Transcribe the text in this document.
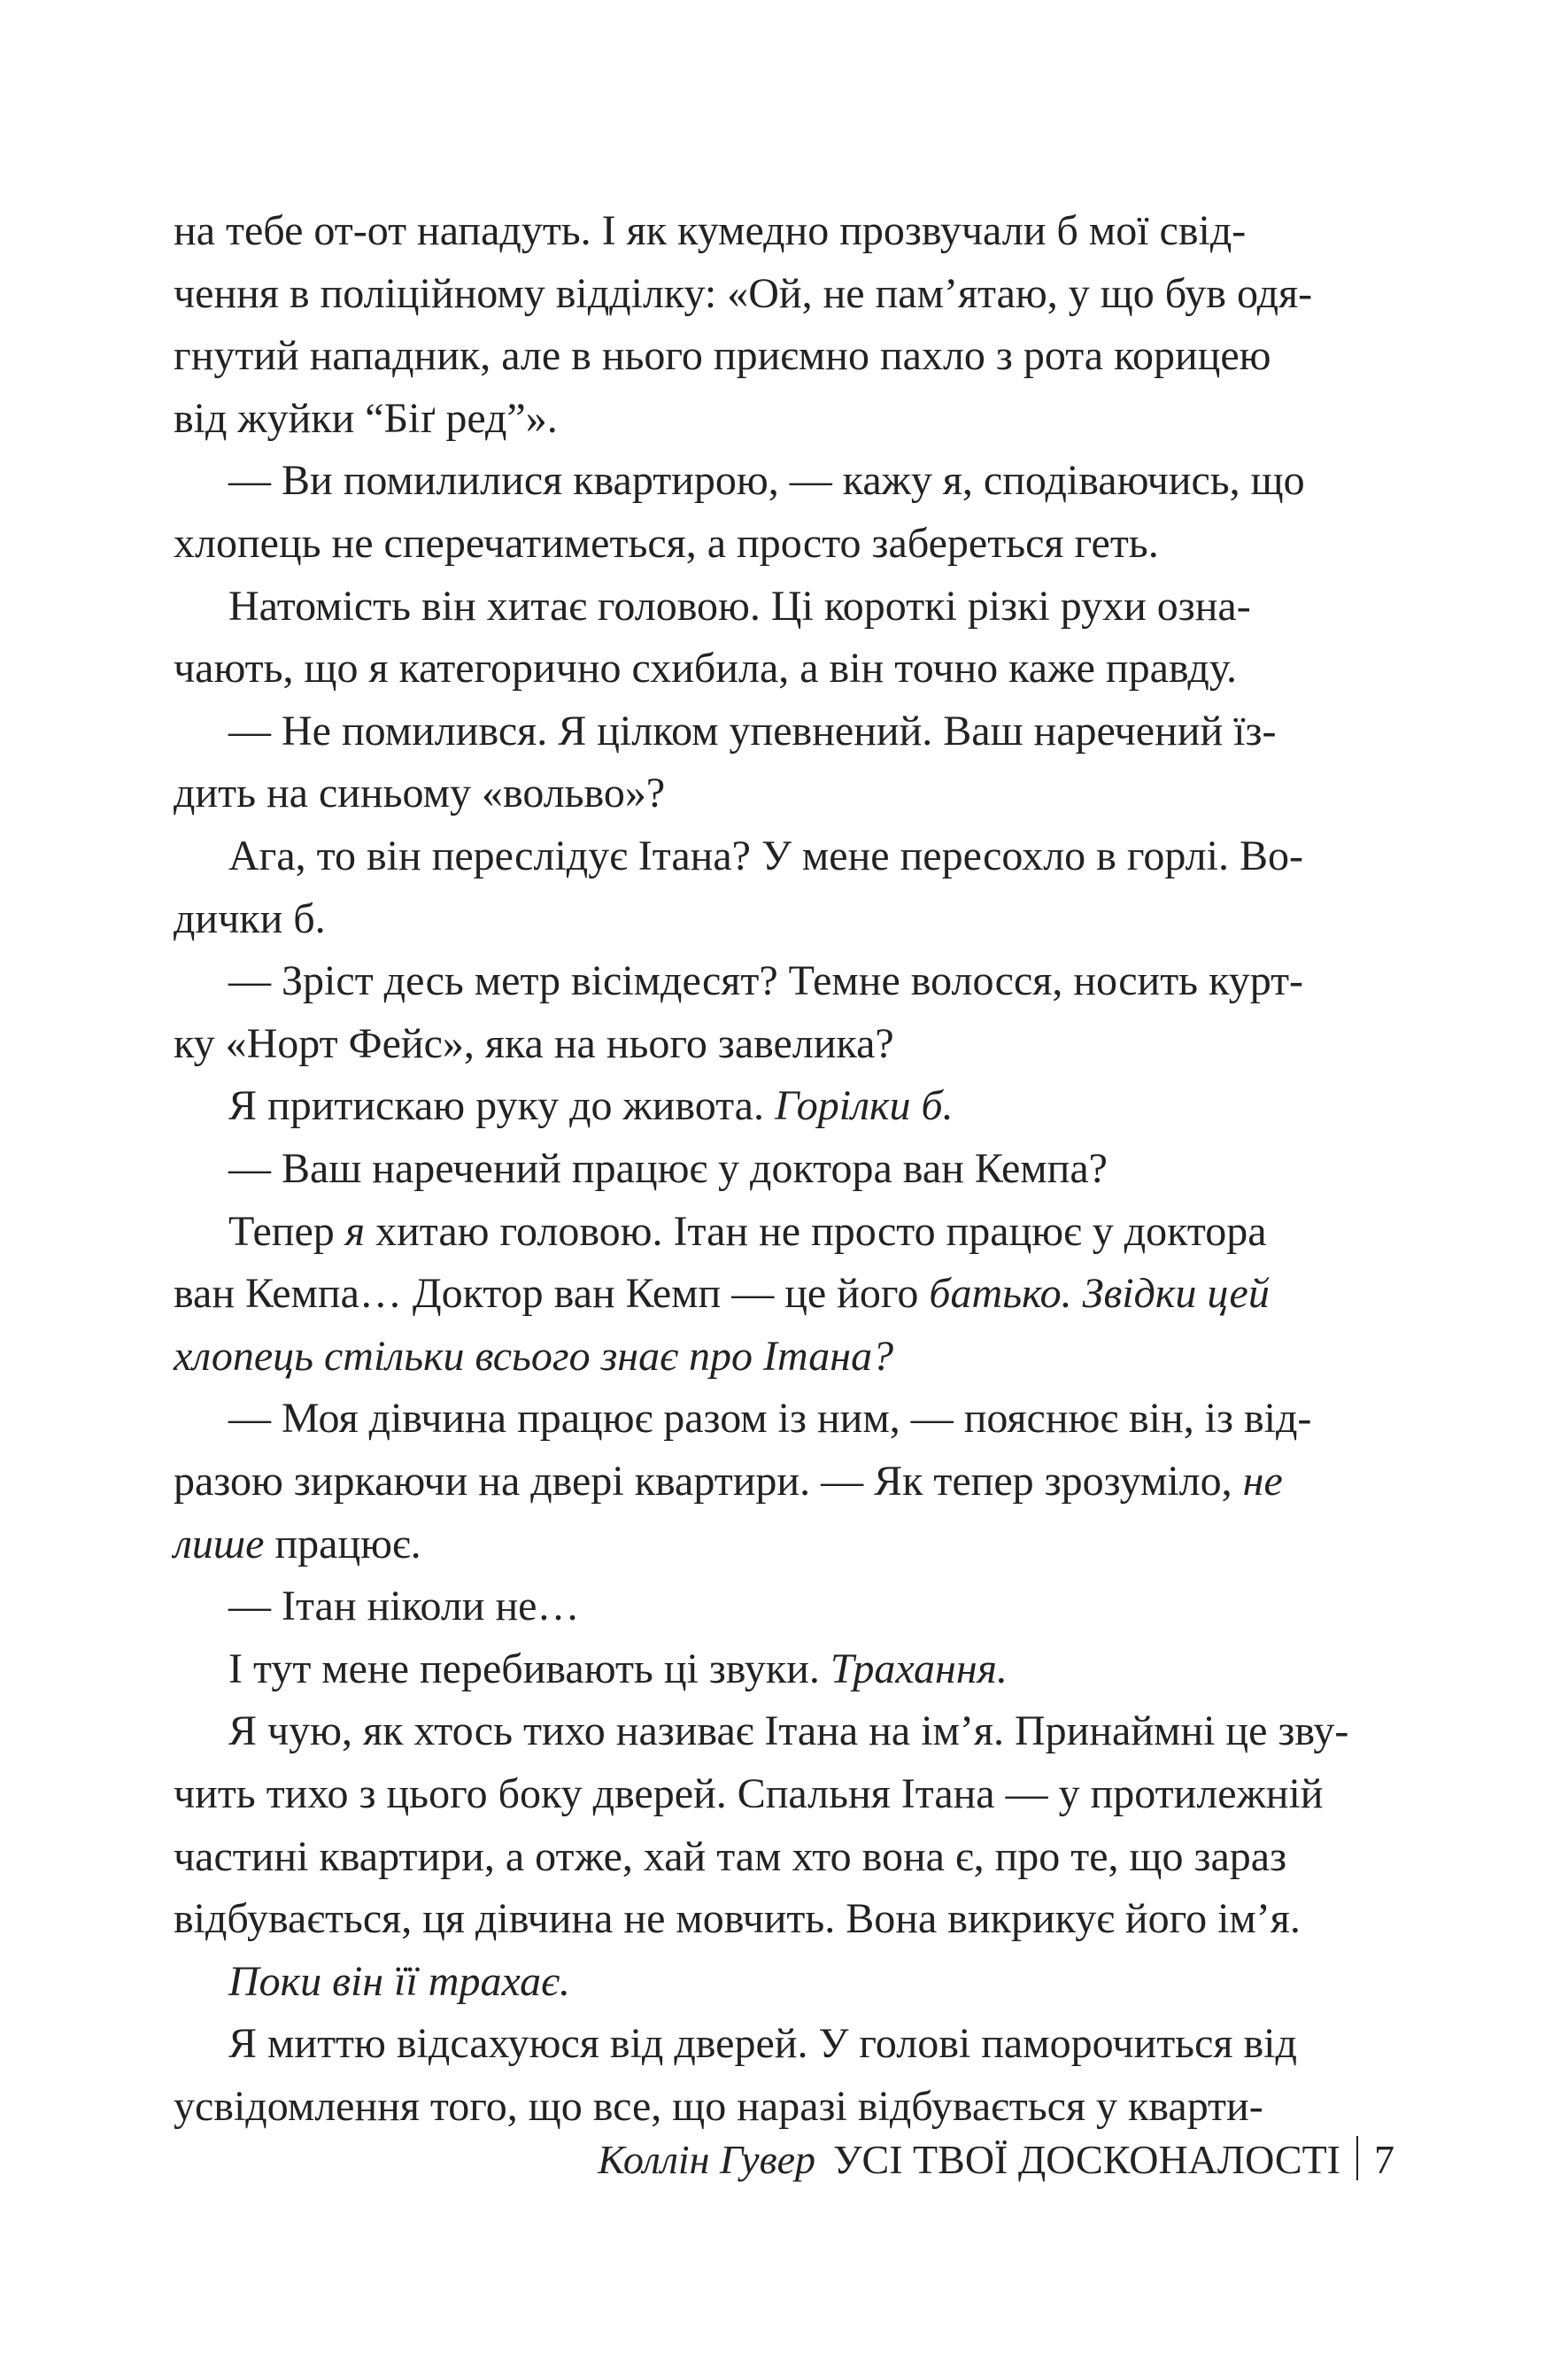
на тебе от-от нападуть. І як кумедно прозвучали б мої свід-
чення в поліційному відділку: «Ой, не пам’ятаю, у що був одя-
гнутий нападник, але в нього приємно пахло з рота корицею
від жуйки “Біґ ред”».
— Ви помилилися квартирою, — кажу я, сподіваючись, що
хлопець не сперечатиметься, а просто забереться геть.
Натомість він хитає головою. Ці короткі різкі рухи озна-
чають, що я категорично схибила, а він точно каже правду.
— Не помилився. Я цілком упевнений. Ваш наречений їз-
дить на синьому «вольво»?
Ага, то він переслідує Ітана? У мене пересохло в горлі. Во-
дички б.
— Зріст десь метр вісімдесят? Темне волосся, носить курт-
ку «Норт Фейс», яка на нього завелика?
Я притискаю руку до живота. Горілки б.
— Ваш наречений працює у доктора ван Кемпа?
Тепер я хитаю головою. Ітан не просто працює у доктора
ван Кемпа… Доктор ван Кемп — це його батько. Звідки цей
хлопець стільки всього знає про Ітана?
— Моя дівчина працює разом із ним, — пояснює він, із від-
разою зиркаючи на двері квартири. — Як тепер зрозуміло, не
лише працює.
— Ітан ніколи не…
І тут мене перебивають ці звуки. Трахання.
Я чую, як хтось тихо називає Ітана на ім’я. Принаймні це зву-
чить тихо з цього боку дверей. Спальня Ітана — у протилежній
частині квартири, а отже, хай там хто вона є, про те, що зараз
відбувається, ця дівчина не мовчить. Вона викрикує його ім’я.
Поки він її трахає.
Я миттю відсахуюся від дверей. У голові паморочиться від
усвідомлення того, що все, що наразі відбувається у кварти-
Коллін Гувер УСІ ТВОЇ ДОСКОНАЛОСТІ 7
